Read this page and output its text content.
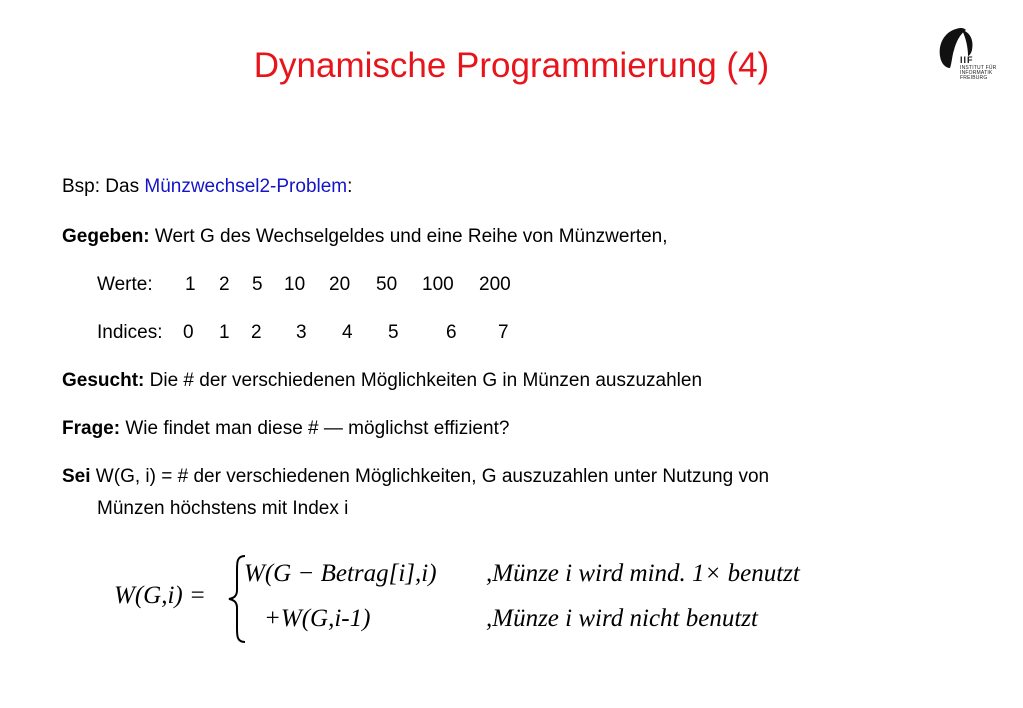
Dynamische Programmierung (4)	IIF
INSTITUT FÜR
INFORMATIK
FREIBURG
Bsp: Das Münzwechsel2-Problem:
Gegeben: Wert G des Wechselgeldes und eine Reihe von Münzwerten,
Werte: 1 2 5 10 20 50 100 200
Indices: 0 1 2 3 4 5 6 7
Gesucht: Die # der verschiedenen Möglichkeiten G in Münzen auszuzahlen
Frage: Wie findet man diese # — möglichst effizient?
Sei W(G, i) = # der verschiedenen Möglichkeiten, G auszuzahlen unter Nutzung von
Münzen höchstens mit Index i
W(G,i) =
W(G − Betrag[i],i) ,Münze i wird mind. 1× benutzt
+W(G,i-1)	,Münze i wird nicht benutzt
